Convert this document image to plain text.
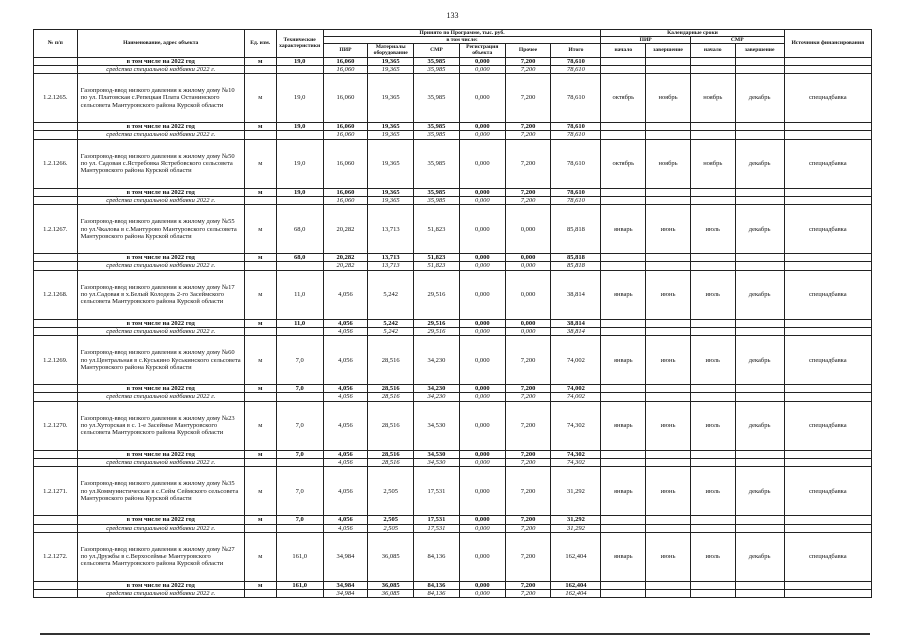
133
№ п/п	Наименование, адрес объекта	Ед. изм.	Технические характеристики	Принято по Программе, тыс. руб.						Календарные сроки				Источники финансирования
				в том числе:						ПИР		СМР		
				ПИР	Материалы оборудование	СМР	Регистрация объекта	Прочее	Итого					
										начало	завершение	начало	завершение	
	в том числе на 2022 год	м	19,0	16,060	19,365	35,985	0,000	7,200	78,610					
	средства специальной надбавки 2022 г.			16,060	19,365	35,985	0,000	7,200	78,610					
1.2.1265.	Газопровод-ввод низкого давления к жилому дому №10 по ул. Платовская с.Репецкая Плата Останинского сельсовета Мантуровского района Курской области	м	19,0	16,060	19,365	35,985	0,000	7,200	78,610	октябрь	ноябрь	ноябрь	декабрь	спецнадбавка
	в том числе на 2022 год	м	19,0	16,060	19,365	35,985	0,000	7,200	78,610					
	средства специальной надбавки 2022 г.			16,060	19,365	35,985	0,000	7,200	78,610					
1.2.1266.	Газопровод-ввод низкого давления к жилому дому №50 по ул. Садовая с.Ястребовка Ястребовского сельсовета Мантуровского района Курской области	м	19,0	16,060	19,365	35,985	0,000	7,200	78,610	октябрь	ноябрь	ноябрь	декабрь	спецнадбавка
	в том числе на 2022 год	м	19,0	16,060	19,365	35,985	0,000	7,200	78,610					
	средства специальной надбавки 2022 г.			16,060	19,365	35,985	0,000	7,200	78,610					
1.2.1267.	Газопровод-ввод низкого давления к жилому дому №55 по ул.Чкалова в с.Мантурово Мантуровского сельсовета Мантуровского района Курской области	м	68,0	20,282	13,713	51,823	0,000	0,000	85,818	январь	июнь	июль	декабрь	спецнадбавка
	в том числе на 2022 год	м	68,0	20,282	13,713	51,823	0,000	0,000	85,818					
	средства специальной надбавки 2022 г.			20,282	13,713	51,823	0,000	0,000	85,818					
1.2.1268.	Газопровод-ввод низкого давления к жилому дому №17 по ул.Садовая в х.Белый Колодезь 2-го Засеймского сельсовета Мантуровского района Курской области	м	11,0	4,056	5,242	29,516	0,000	0,000	38,814	январь	июнь	июль	декабрь	спецнадбавка
	в том числе на 2022 год	м	11,0	4,056	5,242	29,516	0,000	0,000	38,814					
	средства специальной надбавки 2022 г.			4,056	5,242	29,516	0,000	0,000	38,814					
1.2.1269.	Газопровод-ввод низкого давления к жилому дому №60 по ул.Центральная в с.Куськино Куськинского сельсовета Мантуровского района Курской области	м	7,0	4,056	28,516	34,230	0,000	7,200	74,002	январь	июнь	июль	декабрь	спецнадбавка
	в том числе на 2022 год	м	7,0	4,056	28,516	34,230	0,000	7,200	74,002					
	средства специальной надбавки 2022 г.			4,056	28,516	34,230	0,000	7,200	74,002					
1.2.1270.	Газопровод-ввод низкого давления к жилому дому №23 по ул.Хуторская в с. 1-е Засеймье Мантуровского сельсовета Мантуровского района Курской области	м	7,0	4,056	28,516	34,530	0,000	7,200	74,302	январь	июнь	июль	декабрь	спецнадбавка
	в том числе на 2022 год	м	7,0	4,056	28,516	34,530	0,000	7,200	74,302					
	средства специальной надбавки 2022 г.			4,056	28,516	34,530	0,000	7,200	74,302					
1.2.1271.	Газопровод-ввод низкого давления к жилому дому №35 по ул.Коммунистическая в с.Сейм Сеймского сельсовета Мантуровского района Курской области	м	7,0	4,056	2,505	17,531	0,000	7,200	31,292	январь	июнь	июль	декабрь	спецнадбавка
	в том числе на 2022 год	м	7,0	4,056	2,505	17,531	0,000	7,200	31,292					
	средства специальной надбавки 2022 г.			4,056	2,505	17,531	0,000	7,200	31,292					
1.2.1272.	Газопровод-ввод низкого давления к жилому дому №27 по ул.Дружбы в с.Верхосеймье Мантуровского сельсовета Мантуровского района Курской области	м	161,0	34,984	36,085	84,136	0,000	7,200	162,404	январь	июнь	июль	декабрь	спецнадбавка
	в том числе на 2022 год	м	161,0	34,984	36,085	84,136	0,000	7,200	162,404					
	средства специальной надбавки 2022 г.			34,984	36,085	84,136	0,000	7,200	162,404					
